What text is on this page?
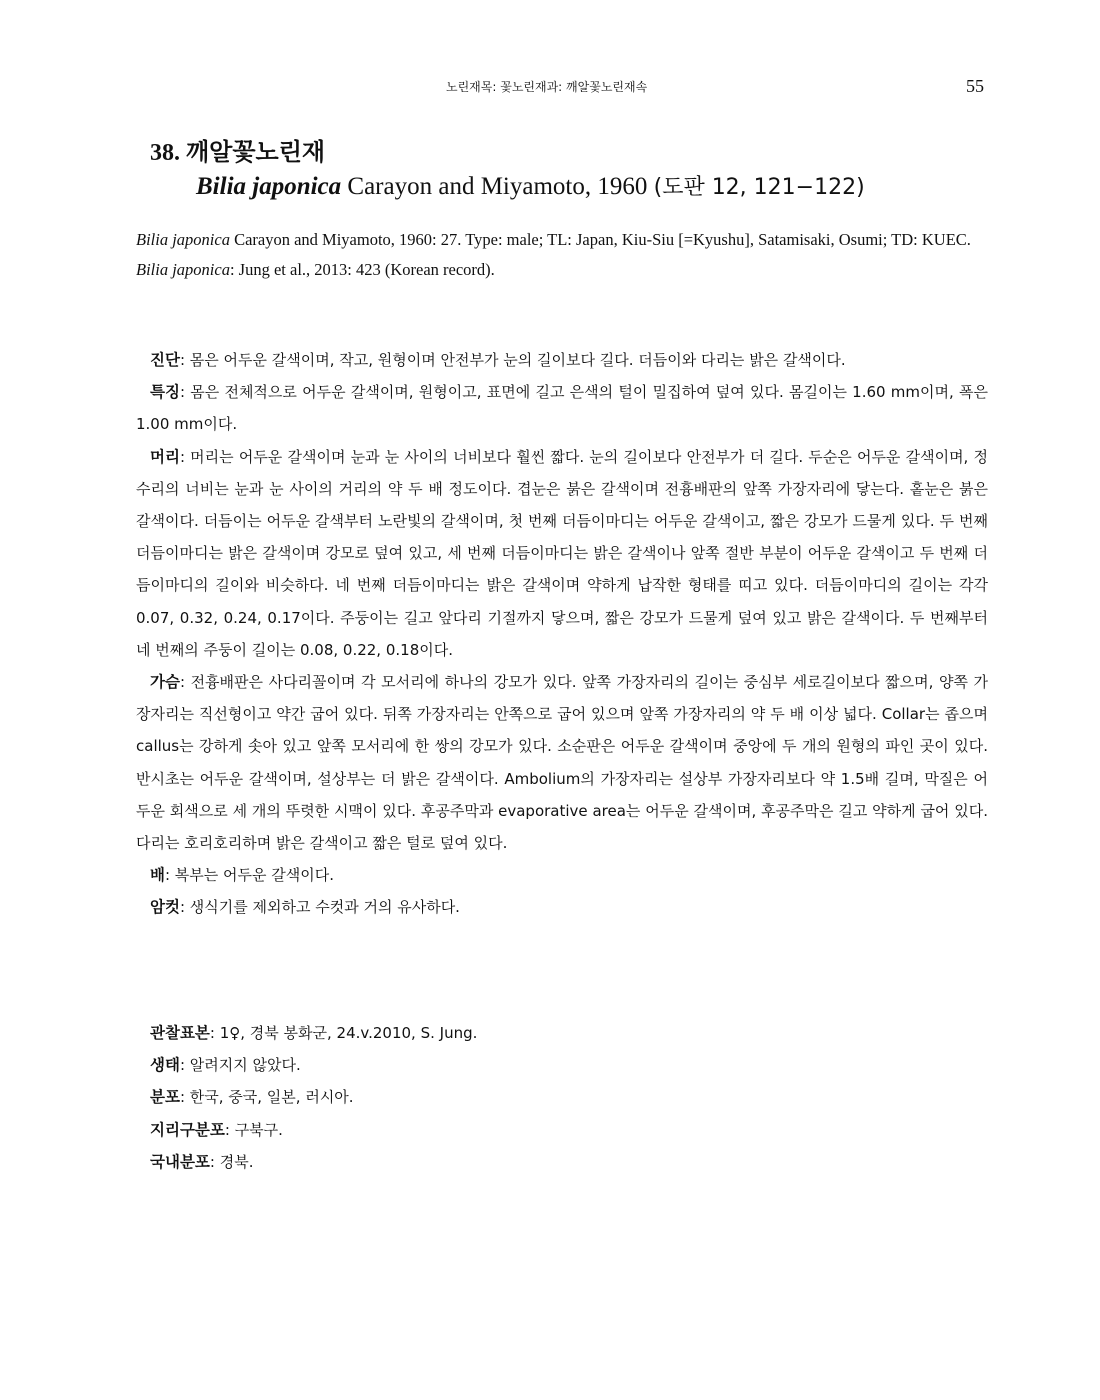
노린재목: 꽃노린재과: 깨알꽃노린재속	55
38. 깨알꽃노린재
Bilia japonica Carayon and Miyamoto, 1960 (도판 12, 121−122)

Bilia japonica Carayon and Miyamoto, 1960: 27. Type: male; TL: Japan, Kiu-Siu [=Kyushu], Satamisaki, Osumi; TD: KUEC.

Bilia japonica: Jung et al., 2013: 423 (Korean record).

진단: 몸은 어두운 갈색이며, 작고, 원형이며 안전부가 눈의 길이보다 길다. 더듬이와 다리는 밝은 갈색이다.

특징: 몸은 전체적으로 어두운 갈색이며, 원형이고, 표면에 길고 은색의 털이 밀집하여 덮여 있다. 몸길이는 1.60 mm이며, 폭은 1.00 mm이다.

머리: 머리는 어두운 갈색이며 눈과 눈 사이의 너비보다 훨씬 짧다. 눈의 길이보다 안전부가 더 길다. 두순은 어두운 갈색이며, 정수리의 너비는 눈과 눈 사이의 거리의 약 두 배 정도이다. 겹눈은 붉은 갈색이며 전흉배판의 앞쪽 가장자리에 닿는다. 홑눈은 붉은 갈색이다. 더듬이는 어두운 갈색부터 노란빛의 갈색이며, 첫 번째 더듬이마디는 어두운 갈색이고, 짧은 강모가 드물게 있다. 두 번째 더듬이마디는 밝은 갈색이며 강모로 덮여 있고, 세 번째 더듬이마디는 밝은 갈색이나 앞쪽 절반 부분이 어두운 갈색이고 두 번째 더듬이마디의 길이와 비슷하다. 네 번째 더듬이마디는 밝은 갈색이며 약하게 납작한 형태를 띠고 있다. 더듬이마디의 길이는 각각 0.07, 0.32, 0.24, 0.17이다. 주둥이는 길고 앞다리 기절까지 닿으며, 짧은 강모가 드물게 덮여 있고 밝은 갈색이다. 두 번째부터 네 번째의 주둥이 길이는 0.08, 0.22, 0.18이다.

가슴: 전흉배판은 사다리꼴이며 각 모서리에 하나의 강모가 있다. 앞쪽 가장자리의 길이는 중심부 세로길이보다 짧으며, 양쪽 가장자리는 직선형이고 약간 굽어 있다. 뒤쪽 가장자리는 안쪽으로 굽어 있으며 앞쪽 가장자리의 약 두 배 이상 넓다. Collar는 좁으며 callus는 강하게 솟아 있고 앞쪽 모서리에 한 쌍의 강모가 있다. 소순판은 어두운 갈색이며 중앙에 두 개의 원형의 파인 곳이 있다. 반시초는 어두운 갈색이며, 설상부는 더 밝은 갈색이다. Ambolium의 가장자리는 설상부 가장자리보다 약 1.5배 길며, 막질은 어두운 회색으로 세 개의 뚜렷한 시맥이 있다. 후공주막과 evaporative area는 어두운 갈색이며, 후공주막은 길고 약하게 굽어 있다. 다리는 호리호리하며 밝은 갈색이고 짧은 털로 덮여 있다.

배: 복부는 어두운 갈색이다.

암컷: 생식기를 제외하고 수컷과 거의 유사하다.

관찰표본: 1♀, 경북 봉화군, 24.v.2010, S. Jung.

생태: 알려지지 않았다.

분포: 한국, 중국, 일본, 러시아.

지리구분포: 구북구.

국내분포: 경북.
